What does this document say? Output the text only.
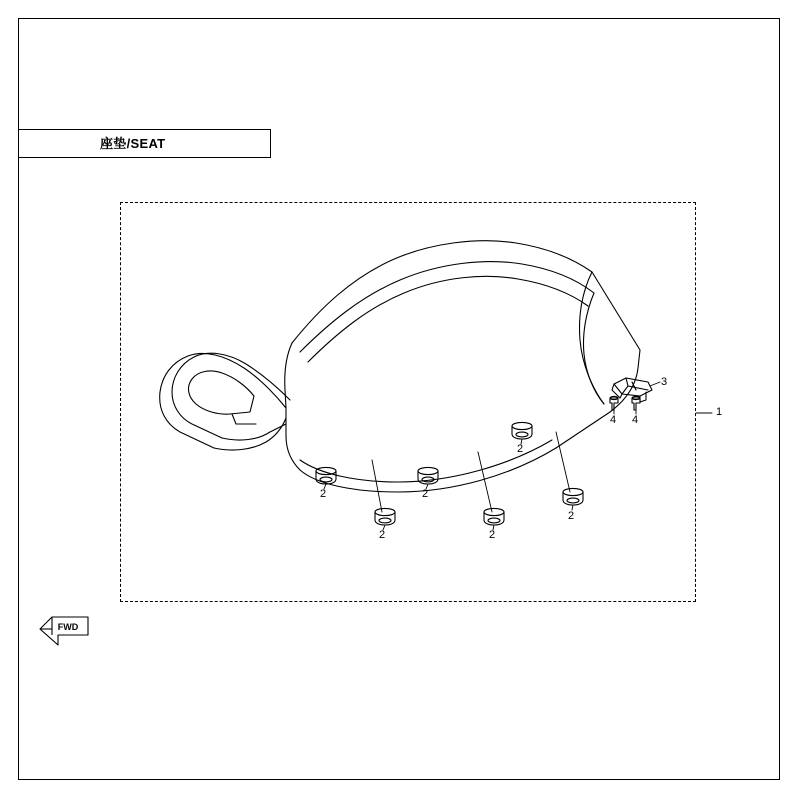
座垫/SEAT
FWD
1
3
4 4
2
2
2
2
2
2
